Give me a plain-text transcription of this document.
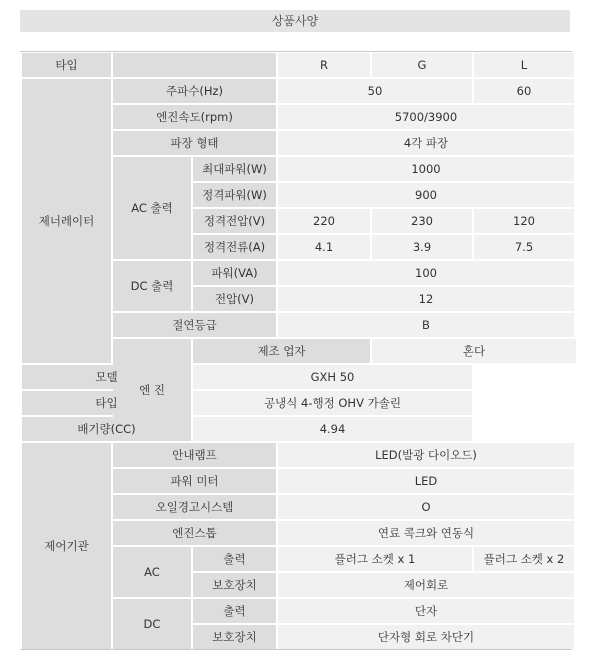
상품사양
타입			R	G	L
제너레이터	주파수(Hz)		50		60
	엔진속도(rpm)		5700/3900		
	파장 형태		4각 파장		
	AC 출력	최대파워(W)	1000		
		정격파워(W)	900		
		정격전압(V)	220	230	120
		정격전류(A)	4.1	3.9	7.5
	DC 출력	파워(VA)	100		
		전압(V)	12		
	절연등급		B		
	엔 진	제조 업자		혼다	
모델		GXH 50			
타입		공냉식 4-행정 OHV 가솔린			
배기량(CC)		4.94			
제어기관	안내램프		LED(발광 다이오드)		
	파워 미터		LED		
	오일경고시스템		O		
	엔진스톱		연료 콕크와 연동식		
	AC	출력	플러그 소켓 x 1		플러그 소켓 x 2
		보호장치	제어회로		
	DC	출력	단자		
		보호장치	단자형 회로 차단기		
